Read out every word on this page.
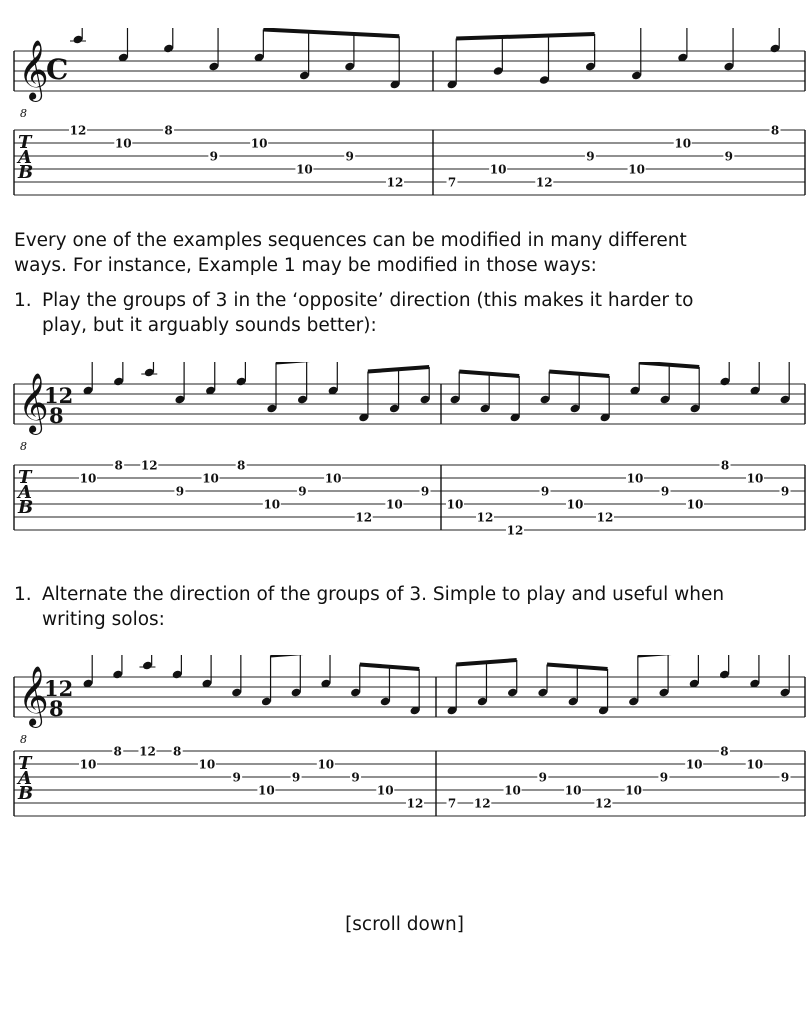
𝄞
8
C
T
A
B
12
10
8
9
10
10
9
12	7
10
12
9
10
10
9
8
Every one of the examples sequences can be modified in many different
ways. For instance, Example 1 may be modified in those ways:
1. Play the groups of 3 in the ‘opposite’ direction (this makes it harder to
play, but it arguably sounds better):
𝄞
8
12
8
T
A
B
10
8 12
9
10
8
10
9
10
12
10
9
10
12
12
9
10
12
10
9
10
8
10
9
1. Alternate the direction of the groups of 3. Simple to play and useful when
writing solos:
𝄞
8
12
8
T
A
B
10
8 12 8
10
9
10
9
10
9
10
12 7 12
10
9
10
12
10
9
10
8
10
9
[scroll down]
